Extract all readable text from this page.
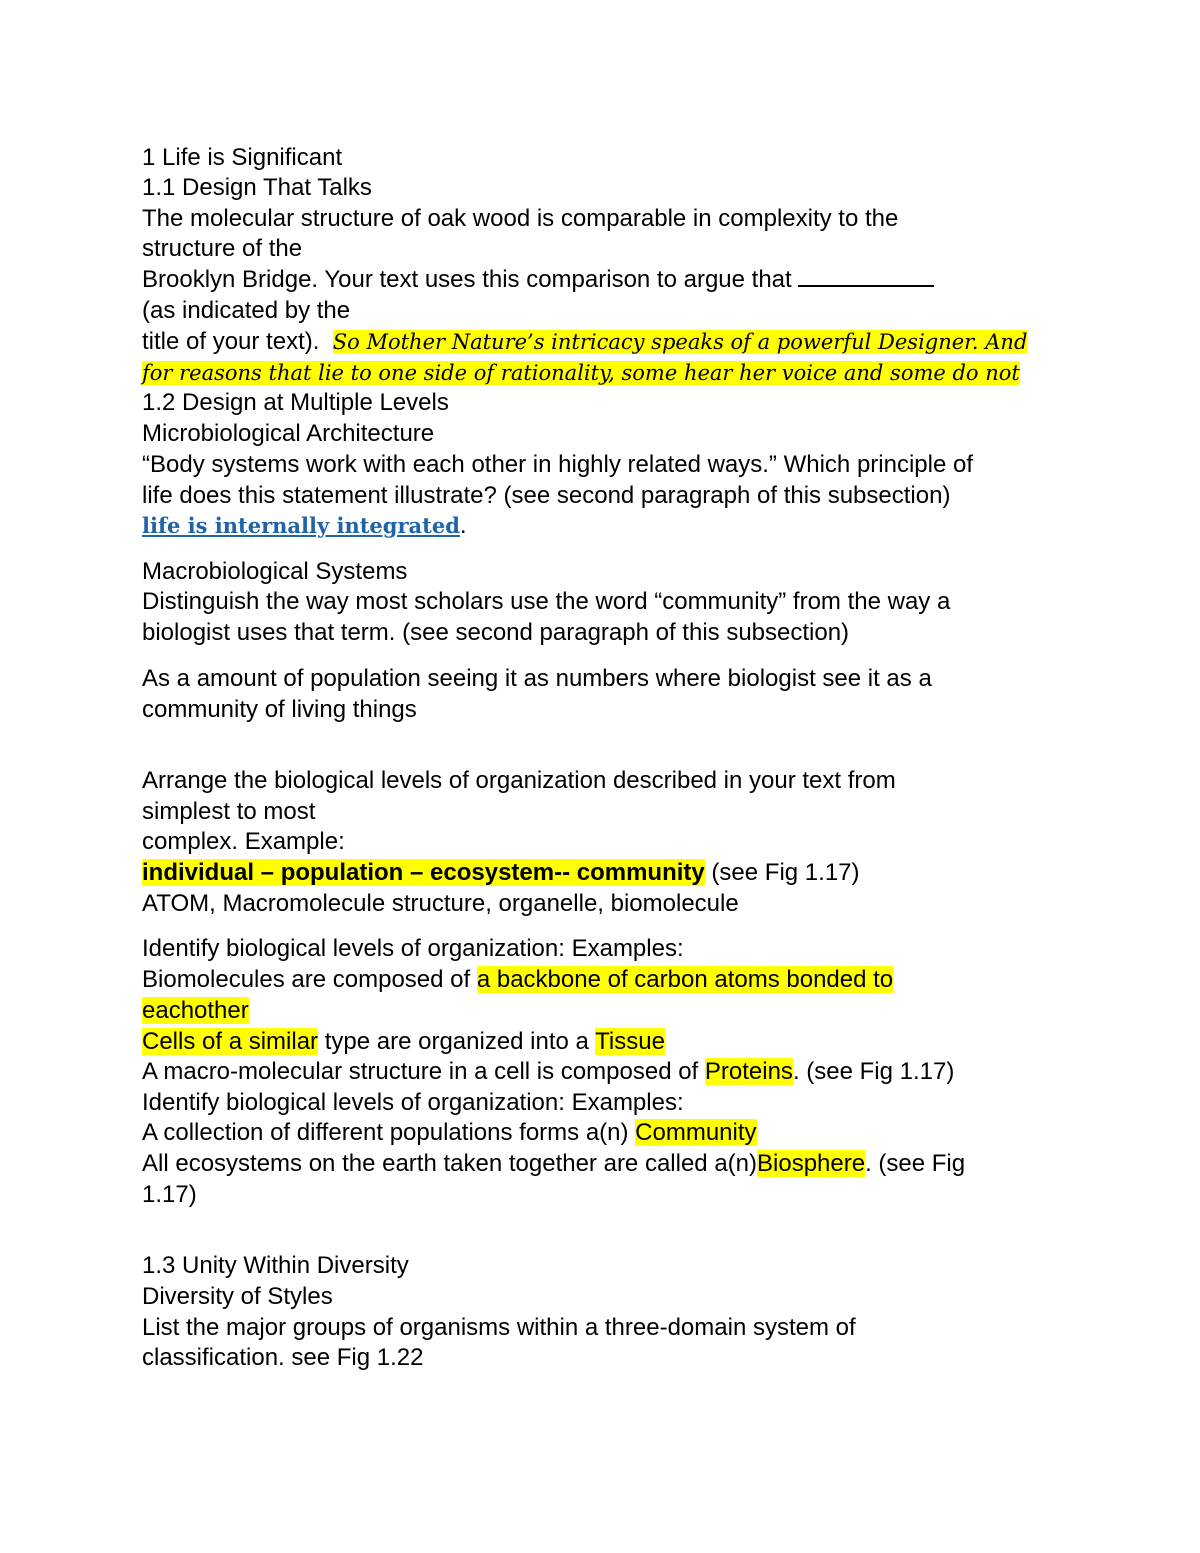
1 Life is Significant
1.1 Design That Talks
The molecular structure of oak wood is comparable in complexity to the
structure of the
Brooklyn Bridge. Your text uses this comparison to argue that
(as indicated by the
title of your text). So Mother Nature’s intricacy speaks of a powerful Designer. And
for reasons that lie to one side of rationality, some hear her voice and some do not
1.2 Design at Multiple Levels
Microbiological Architecture
“Body systems work with each other in highly related ways.” Which principle of
life does this statement illustrate? (see second paragraph of this subsection)
life is internally integrated.
Macrobiological Systems
Distinguish the way most scholars use the word “community” from the way a
biologist uses that term. (see second paragraph of this subsection)
As a amount of population seeing it as numbers where biologist see it as a
community of living things
Arrange the biological levels of organization described in your text from
simplest to most
complex. Example:
individual – population – ecosystem-- community (see Fig 1.17)
ATOM, Macromolecule structure, organelle, biomolecule
Identify biological levels of organization: Examples:
Biomolecules are composed of a backbone of carbon atoms bonded to
eachother
Cells of a similar type are organized into a Tissue
A macro-molecular structure in a cell is composed of Proteins. (see Fig 1.17)
Identify biological levels of organization: Examples:
A collection of different populations forms a(n) Community
All ecosystems on the earth taken together are called a(n)Biosphere. (see Fig
1.17)
1.3 Unity Within Diversity
Diversity of Styles
List the major groups of organisms within a three-domain system of
classification. see Fig 1.22
